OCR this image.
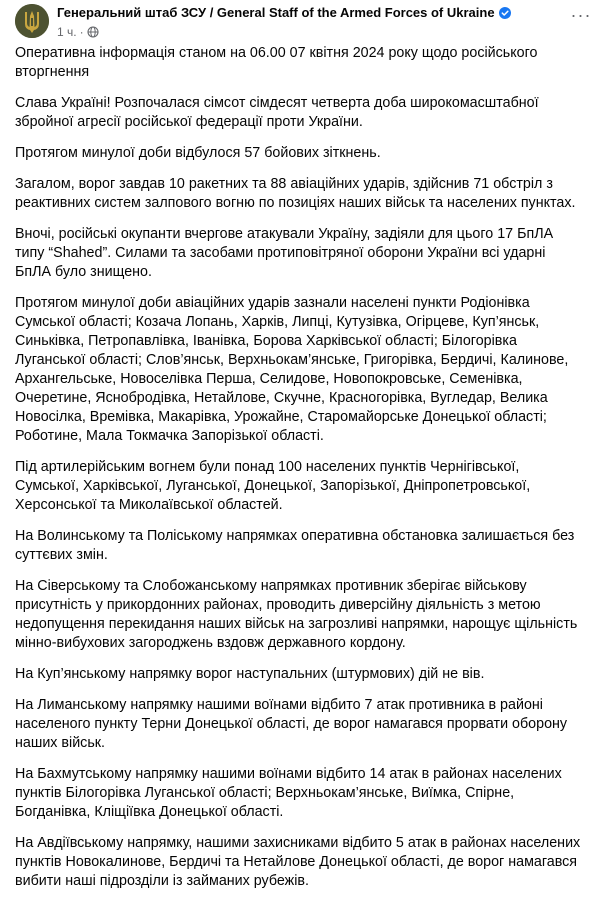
Генеральний штаб ЗСУ / General Staff of the Armed Forces of Ukraine
1 ч. ·
···

Оперативна інформація станом на 06.00 07 квітня 2024 року щодо російського вторгнення

Слава Україні! Розпочалася сімсот сімдесят четверта доба широкомасштабної збройної агресії російської федерації проти України.

Протягом минулої доби відбулося 57 бойових зіткнень.

Загалом, ворог завдав 10 ракетних та 88 авіаційних ударів, здійснив 71 обстріл з реактивних систем залпового вогню по позиціях наших військ та населених пунктах.

Вночі, російські окупанти вчергове атакували Україну, задіяли для цього 17 БпЛА типу “Shahed”. Силами та засобами протиповітряної оборони України всі ударні БпЛА було знищено.

Протягом минулої доби авіаційних ударів зазнали населені пункти Родіонівка Сумської області; Козача Лопань, Харків, Липці, Кутузівка, Огірцеве, Куп’янськ, Синьківка, Петропавлівка, Іванівка, Борова Харківської області; Білогорівка Луганської області; Слов’янськ, Верхньокам’янське, Григорівка, Бердичі, Калинове, Архангельське, Новоселівка Перша, Селидове, Новопокровське, Семенівка, Очеретине, Яснобродівка, Нетайлове, Скучне, Красногорівка, Вугледар, Велика Новосілка, Времівка, Макарівка, Урожайне, Старомайорське Донецької області; Роботине, Мала Токмачка Запорізької області.

Під артилерійським вогнем були понад 100 населених пунктів Чернігівської, Сумської, Харківської, Луганської, Донецької, Запорізької, Дніпропетровської, Херсонської та Миколаївської областей.

На Волинському та Поліському напрямках оперативна обстановка залишається без суттєвих змін.

На Сіверському та Слобожанському напрямках противник зберігає військову присутність у прикордонних районах, проводить диверсійну діяльність з метою недопущення перекидання наших військ на загрозливі напрямки, нарощує щільність мінно-вибухових загороджень вздовж державного кордону.

На Куп’янському напрямку ворог наступальних (штурмових) дій не вів.

На Лиманському напрямку нашими воїнами відбито 7 атак противника в районі населеного пункту Терни Донецької області, де ворог намагався прорвати оборону наших військ.

На Бахмутському напрямку нашими воїнами відбито 14 атак в районах населених пунктів Білогорівка Луганської області; Верхньокам’янське, Виїмка, Спірне, Богданівка, Кліщіївка Донецької області.

На Авдіївському напрямку, нашими захисниками відбито 5 атак в районах населених пунктів Новокалинове, Бердичі та Нетайлове Донецької області, де ворог намагався вибити наші підрозділи із займаних рубежів.
